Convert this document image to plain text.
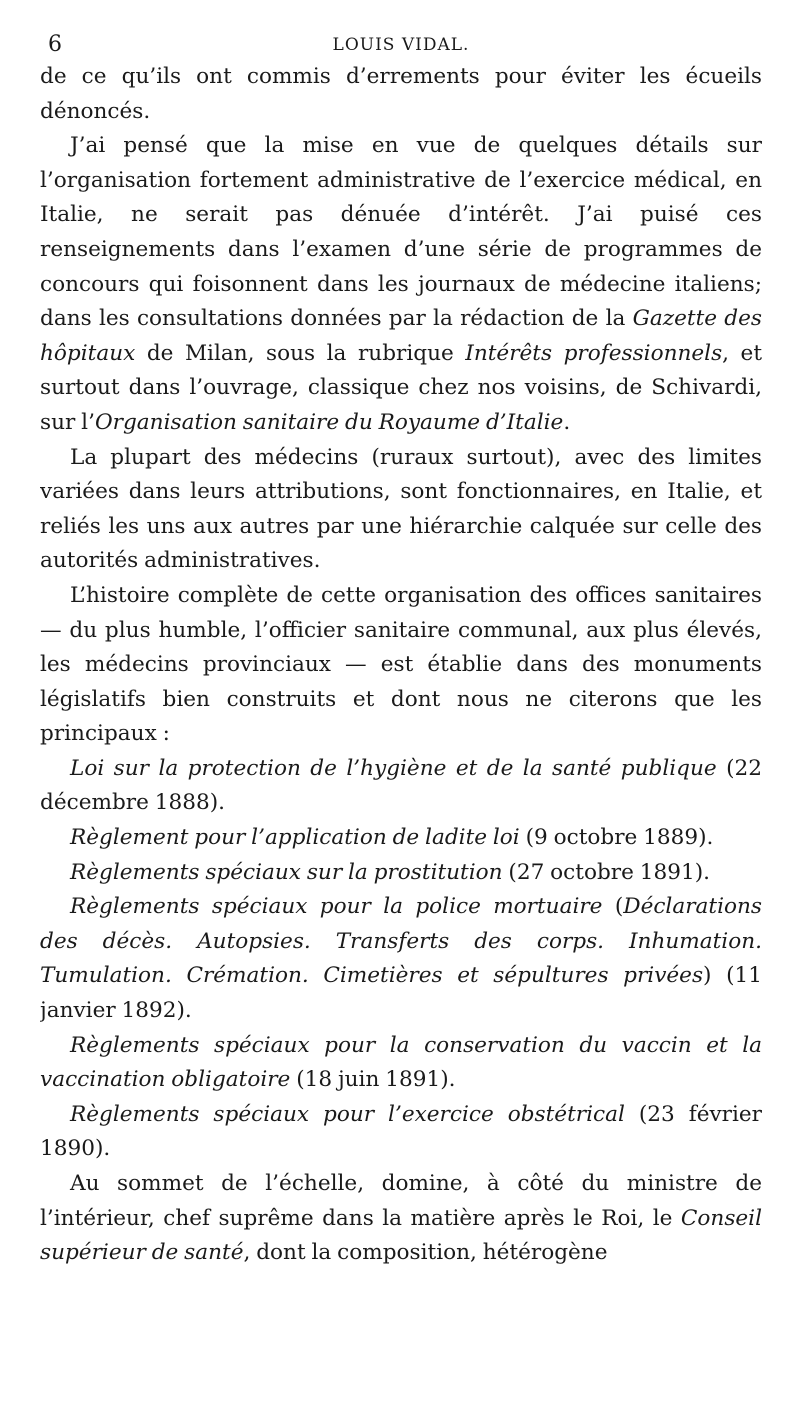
6	LOUIS VIDAL.

de ce qu’ils ont commis d’errements pour éviter les écueils dénoncés.

J’ai pensé que la mise en vue de quelques détails sur l’organisation fortement administrative de l’exercice médical, en Italie, ne serait pas dénuée d’intérêt. J’ai puisé ces renseignements dans l’examen d’une série de programmes de concours qui foisonnent dans les journaux de médecine italiens; dans les consultations données par la rédaction de la Gazette des hôpitaux de Milan, sous la rubrique Intérêts professionnels, et surtout dans l’ouvrage, classique chez nos voisins, de Schivardi, sur l’Organisation sanitaire du Royaume d’Italie.

La plupart des médecins (ruraux surtout), avec des limites variées dans leurs attributions, sont fonctionnaires, en Italie, et reliés les uns aux autres par une hiérarchie calquée sur celle des autorités administratives.

L’histoire complète de cette organisation des offices sanitaires — du plus humble, l’officier sanitaire communal, aux plus élevés, les médecins provinciaux — est établie dans des monuments législatifs bien construits et dont nous ne citerons que les principaux :

Loi sur la protection de l’hygiène et de la santé publique (22 décembre 1888).

Règlement pour l’application de ladite loi (9 octobre 1889).

Règlements spéciaux sur la prostitution (27 octobre 1891).

Règlements spéciaux pour la police mortuaire (Déclarations des décès. Autopsies. Transferts des corps. Inhumation. Tumulation. Crémation. Cimetières et sépultures privées) (11 janvier 1892).

Règlements spéciaux pour la conservation du vaccin et la vaccination obligatoire (18 juin 1891).

Règlements spéciaux pour l’exercice obstétrical (23 février 1890).

Au sommet de l’échelle, domine, à côté du ministre de l’intérieur, chef suprême dans la matière après le Roi, le Conseil supérieur de santé, dont la composition, hétérogène
